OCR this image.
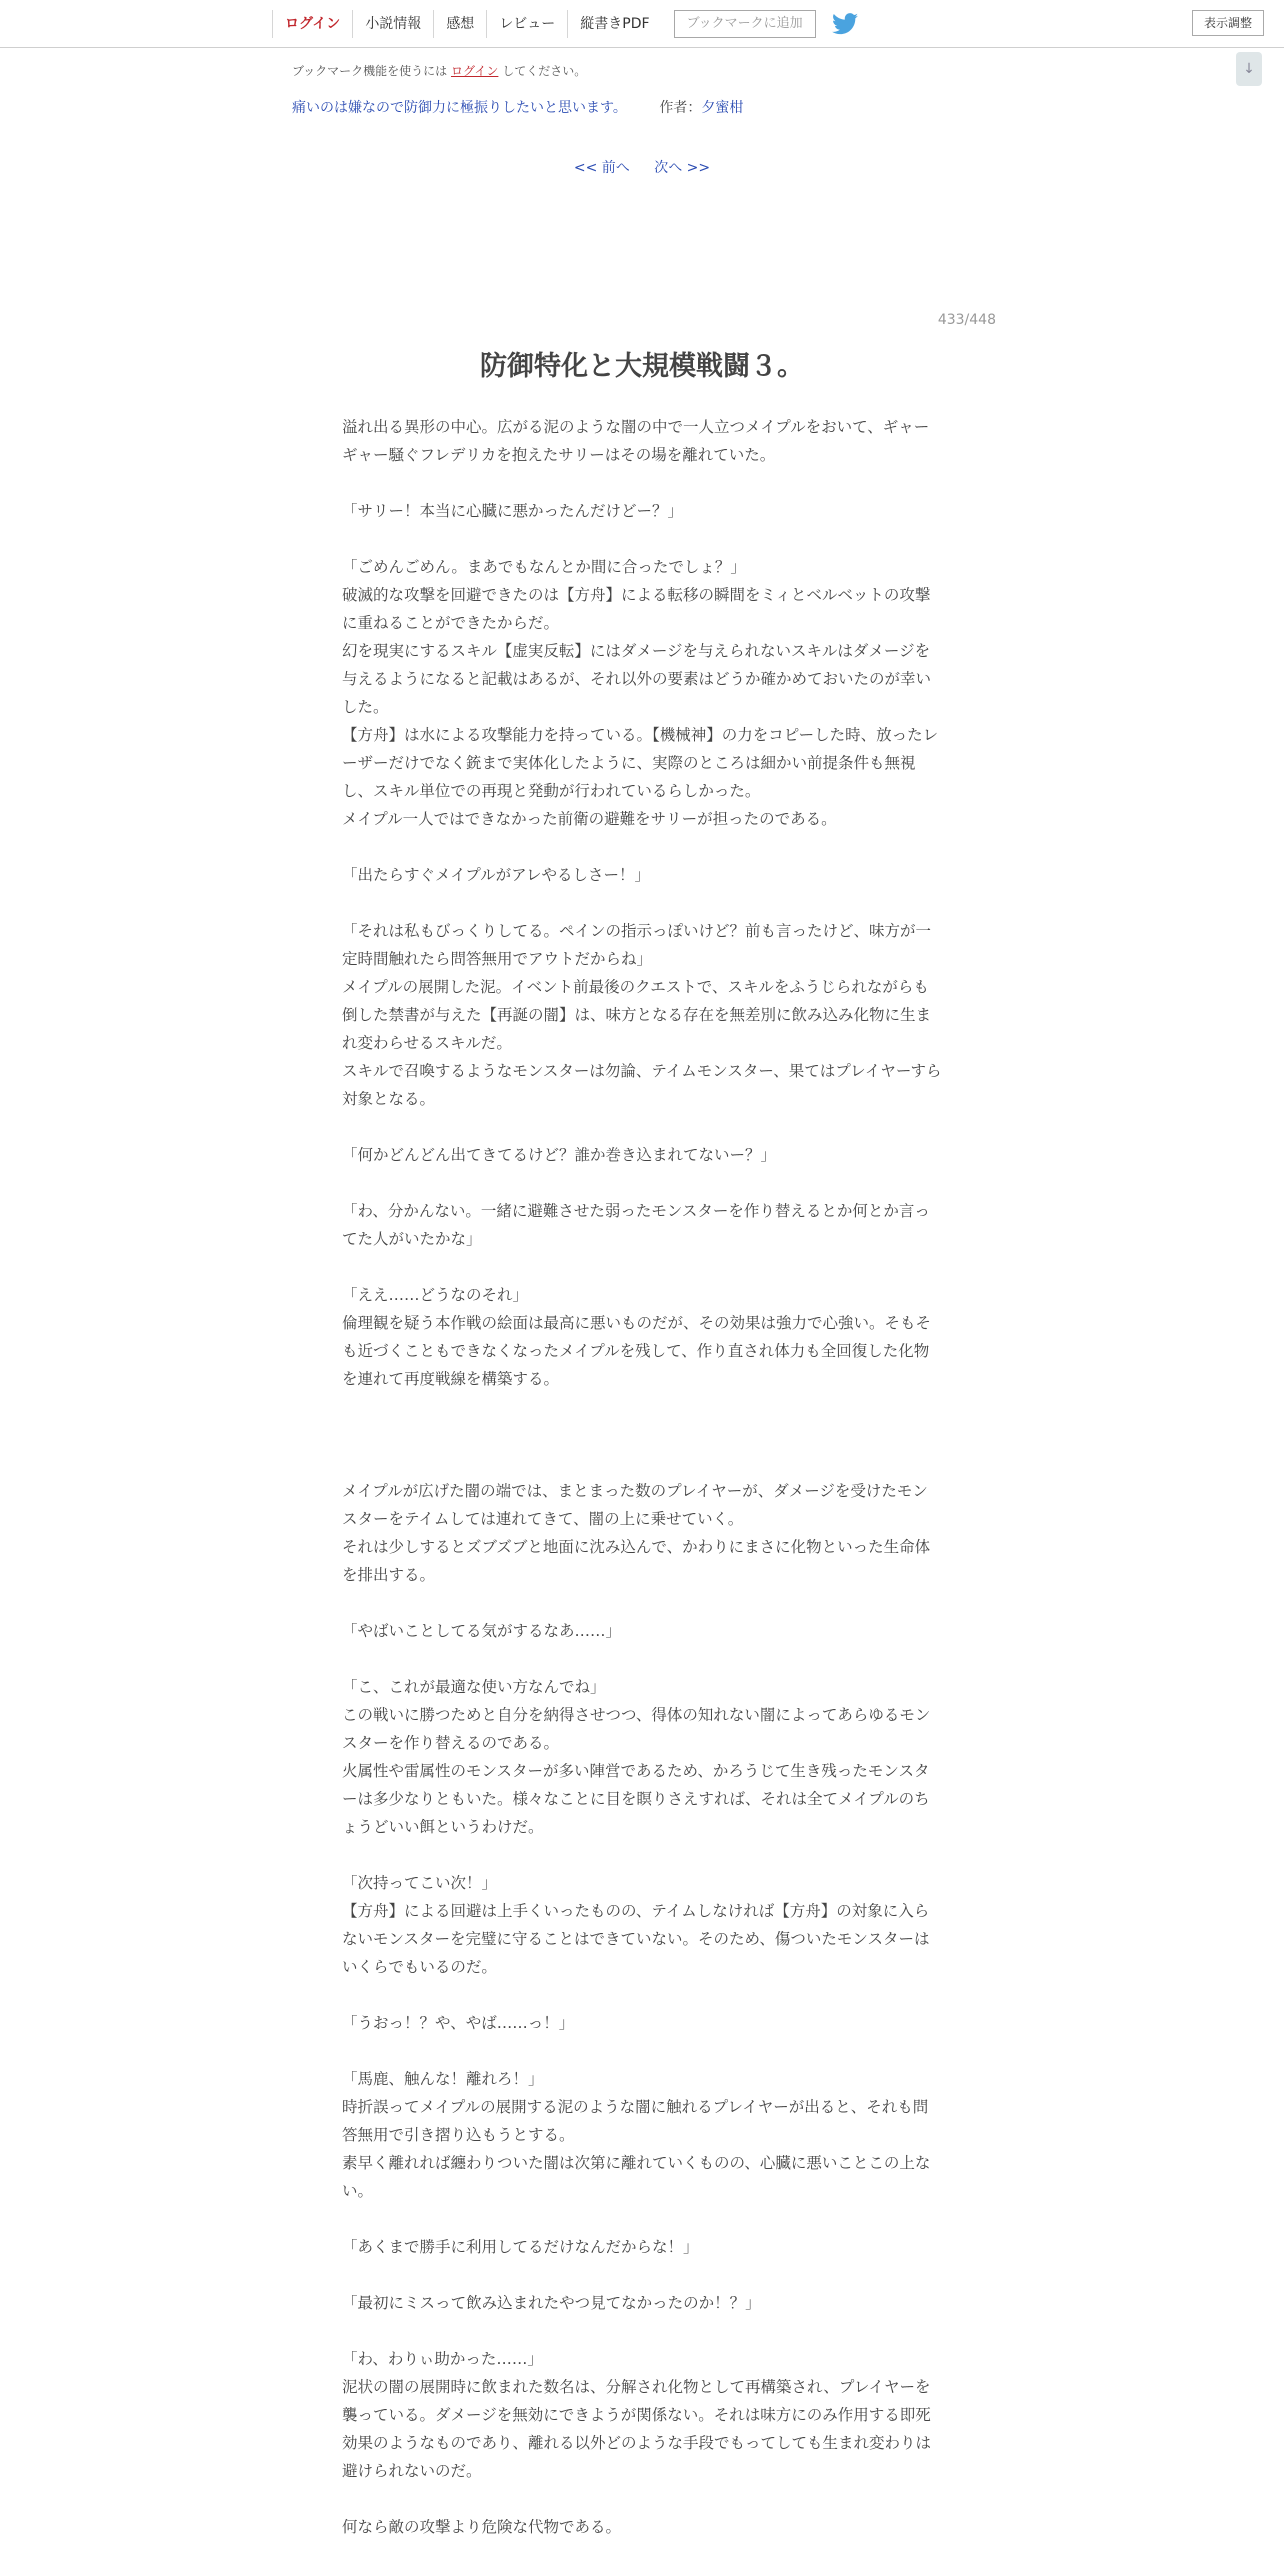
ログイン	小説情報	感想	レビュー	縦書きPDF	ブックマークに追加	表示調整
↓
ブックマーク機能を使うには ログイン してください。
痛いのは嫌なので防御力に極振りしたいと思います。 作者：夕蜜柑
<< 前へ 次へ >>
433/448
防御特化と大規模戦闘３。

溢れ出る異形の中心。広がる泥のような闇の中で一人立つメイプルをおいて、ギャーギャー騒ぐフレデリカを抱えたサリーはその場を離れていた。

「サリー！本当に心臓に悪かったんだけどー？」

「ごめんごめん。まあでもなんとか間に合ったでしょ？」

破滅的な攻撃を回避できたのは【方舟】による転移の瞬間をミィとベルベットの攻撃に重ねることができたからだ。

幻を現実にするスキル【虚実反転】にはダメージを与えられないスキルはダメージを与えるようになると記載はあるが、それ以外の要素はどうか確かめておいたのが幸いした。

【方舟】は水による攻撃能力を持っている。【機械神】の力をコピーした時、放ったレーザーだけでなく銃まで実体化したように、実際のところは細かい前提条件も無視し、スキル単位での再現と発動が行われているらしかった。

メイプル一人ではできなかった前衛の避難をサリーが担ったのである。

「出たらすぐメイプルがアレやるしさー！」

「それは私もびっくりしてる。ペインの指示っぽいけど？前も言ったけど、味方が一定時間触れたら問答無用でアウトだからね」

メイプルの展開した泥。イベント前最後のクエストで、スキルをふうじられながらも倒した禁書が与えた【再誕の闇】は、味方となる存在を無差別に飲み込み化物に生まれ変わらせるスキルだ。

スキルで召喚するようなモンスターは勿論、テイムモンスター、果てはプレイヤーすら対象となる。

「何かどんどん出てきてるけど？誰か巻き込まれてないー？」

「わ、分かんない。一緒に避難させた弱ったモンスターを作り替えるとか何とか言ってた人がいたかな」

「ええ……どうなのそれ」

倫理観を疑う本作戦の絵面は最高に悪いものだが、その効果は強力で心強い。そもそも近づくこともできなくなったメイプルを残して、作り直され体力も全回復した化物を連れて再度戦線を構築する。

メイプルが広げた闇の端では、まとまった数のプレイヤーが、ダメージを受けたモンスターをテイムしては連れてきて、闇の上に乗せていく。

それは少しするとズブズブと地面に沈み込んで、かわりにまさに化物といった生命体を排出する。

「やばいことしてる気がするなあ……」

「こ、これが最適な使い方なんでね」

この戦いに勝つためと自分を納得させつつ、得体の知れない闇によってあらゆるモンスターを作り替えるのである。

火属性や雷属性のモンスターが多い陣営であるため、かろうじて生き残ったモンスターは多少なりともいた。様々なことに目を瞑りさえすれば、それは全てメイプルのちょうどいい餌というわけだ。

「次持ってこい次！」

【方舟】による回避は上手くいったものの、テイムしなければ【方舟】の対象に入らないモンスターを完璧に守ることはできていない。そのため、傷ついたモンスターはいくらでもいるのだ。

「うおっ！？や、やば……っ！」

「馬鹿、触んな！離れろ！」

時折誤ってメイプルの展開する泥のような闇に触れるプレイヤーが出ると、それも問答無用で引き摺り込もうとする。

素早く離れれば纏わりついた闇は次第に離れていくものの、心臓に悪いことこの上ない。

「あくまで勝手に利用してるだけなんだからな！」

「最初にミスって飲み込まれたやつ見てなかったのか！？」

「わ、わりぃ助かった……」

泥状の闇の展開時に飲まれた数名は、分解され化物として再構築され、プレイヤーを襲っている。ダメージを無効にできようが関係ない。それは味方にのみ作用する即死効果のようなものであり、離れる以外どのような手段でもってしても生まれ変わりは避けられないのだ。

何なら敵の攻撃より危険な代物である。
